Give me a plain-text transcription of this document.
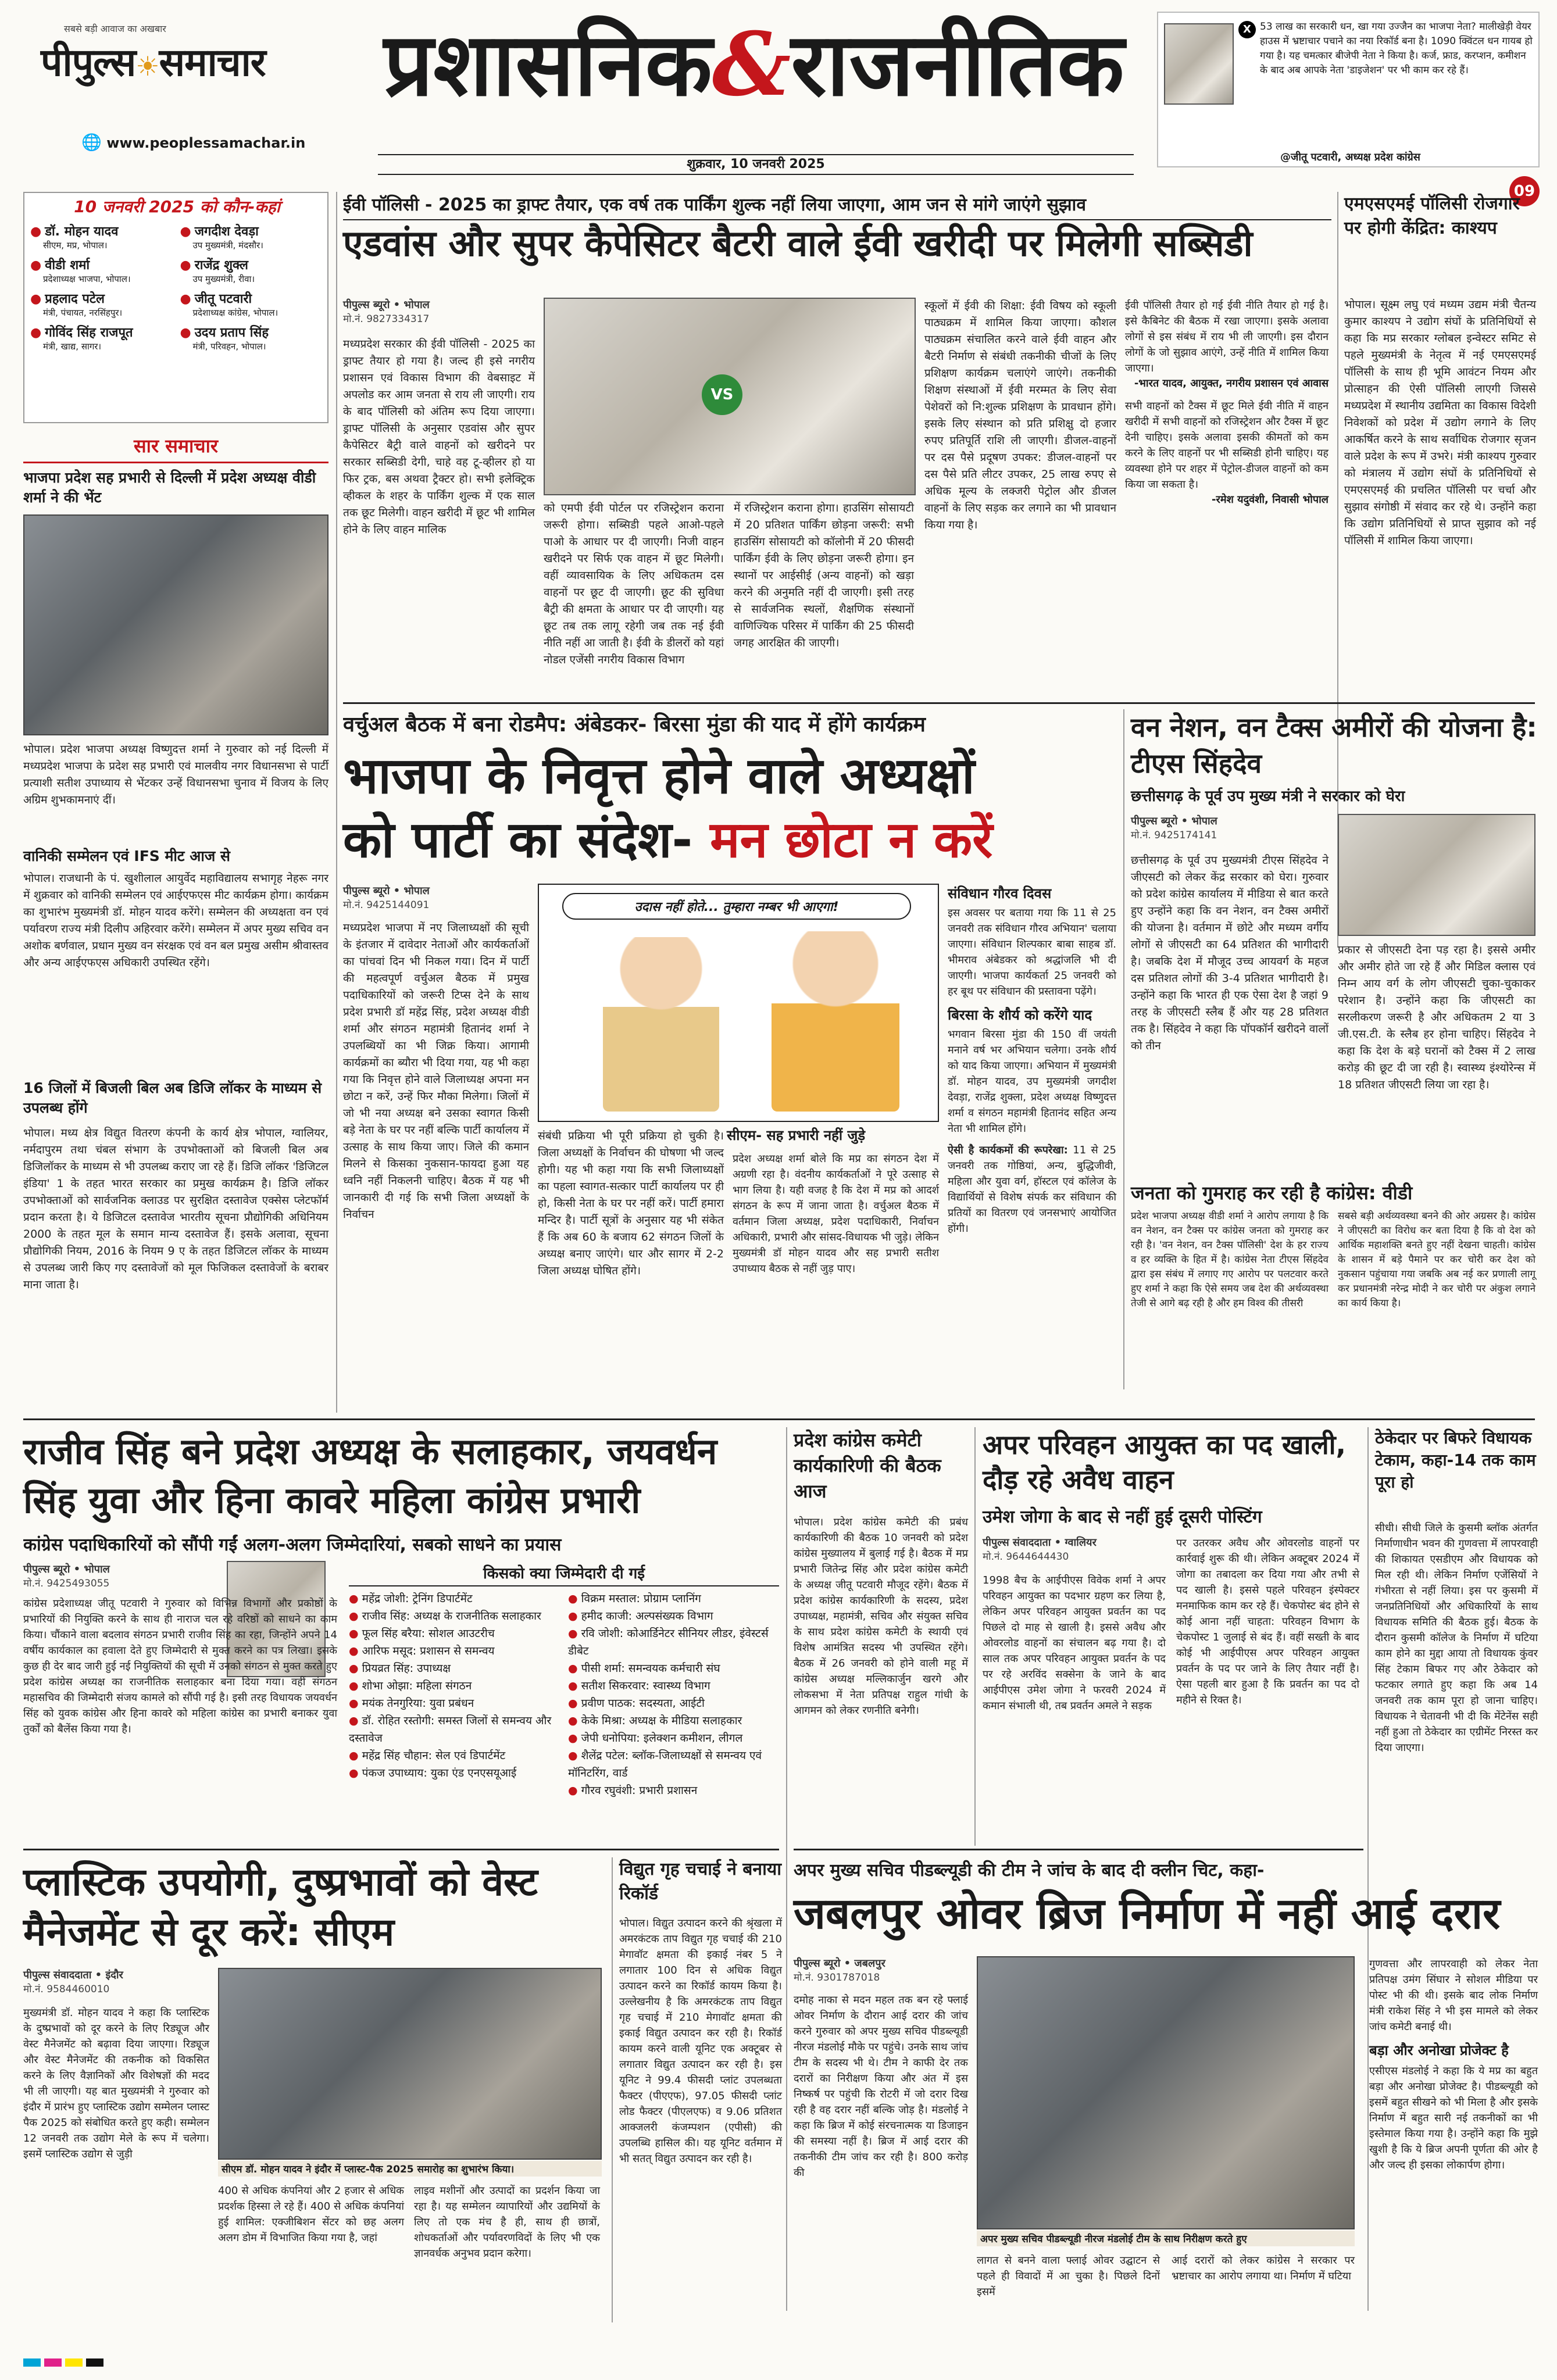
सबसे बड़ी आवाज का अखबार
पीपुल्स☀समाचार
🌐 www.peoplessamachar.in
प्रशासनिक&राजनीतिक
शुक्रवार, 10 जनवरी 2025
X 53 लाख का सरकारी धन, खा गया उज्जैन का भाजपा नेता? मालीखेड़ी वेयर हाउस में भ्रष्टाचार पचाने का नया रिकॉर्ड बना है। 1090 क्विंटल धन गायब हो गया है। यह चमत्कार बीजेपी नेता ने किया है। कर्ज, फ्राड, करप्शन, कमीशन के बाद अब आपके नेता 'डाइजेशन' पर भी काम कर रहे हैं।
@जीतू पटवारी, अध्यक्ष प्रदेश कांग्रेस
09
10 जनवरी 2025 को कौन-कहां
● डॉ. मोहन यादव
सीएम, मप्र, भोपाल।
● जगदीश देवड़ा
उप मुख्यमंत्री, मंदसौर।
● वीडी शर्मा
प्रदेशाध्यक्ष भाजपा, भोपाल।
● राजेंद्र शुक्ल
उप मुख्यमंत्री, रीवा।
● प्रहलाद पटेल
मंत्री, पंचायत, नरसिंहपुर।
● जीतू पटवारी
प्रदेशाध्यक्ष कांग्रेस, भोपाल।
● गोविंद सिंह राजपूत
मंत्री, खाद्य, सागर।
● उदय प्रताप सिंह
मंत्री, परिवहन, भोपाल।
सार समाचार
भाजपा प्रदेश सह प्रभारी से दिल्ली में प्रदेश अध्यक्ष वीडी शर्मा ने की भेंट
भोपाल। प्रदेश भाजपा अध्यक्ष विष्णुदत्त शर्मा ने गुरुवार को नई दिल्ली में मध्यप्रदेश भाजपा के प्रदेश सह प्रभारी एवं मालवीय नगर विधानसभा से पार्टी प्रत्याशी सतीश उपाध्याय से भेंटकर उन्हें विधानसभा चुनाव में विजय के लिए अग्रिम शुभकामनाएं दीं।
वानिकी सम्मेलन एवं IFS मीट आज से
भोपाल। राजधानी के पं. खुशीलाल आयुर्वेद महाविद्यालय सभागृह नेहरू नगर में शुक्रवार को वानिकी सम्मेलन एवं आईएफएस मीट कार्यक्रम होगा। कार्यक्रम का शुभारंभ मुख्यमंत्री डॉ. मोहन यादव करेंगे। सम्मेलन की अध्यक्षता वन एवं पर्यावरण राज्य मंत्री दिलीप अहिरवार करेंगे। सम्मेलन में अपर मुख्य सचिव वन अशोक बर्णवाल, प्रधान मुख्य वन संरक्षक एवं वन बल प्रमुख असीम श्रीवास्तव और अन्य आईएफएस अधिकारी उपस्थित रहेंगे।
16 जिलों में बिजली बिल अब डिजि लॉकर के माध्यम से उपलब्ध होंगे
भोपाल। मध्य क्षेत्र विद्युत वितरण कंपनी के कार्य क्षेत्र भोपाल, ग्वालियर, नर्मदापुरम तथा चंबल संभाग के उपभोक्ताओं को बिजली बिल अब डिजिलॉकर के माध्यम से भी उपलब्ध कराए जा रहे हैं। डिजि लॉकर 'डिजिटल इंडिया' 1 के तहत भारत सरकार का प्रमुख कार्यक्रम है। डिजि लॉकर उपभोक्ताओं को सार्वजनिक क्लाउड पर सुरक्षित दस्तावेज एक्सेस प्लेटफॉर्म प्रदान करता है। ये डिजिटल दस्तावेज भारतीय सूचना प्रौद्योगिकी अधिनियम 2000 के तहत मूल के समान मान्य दस्तावेज हैं। इसके अलावा, सूचना प्रौद्योगिकी नियम, 2016 के नियम 9 ए के तहत डिजिटल लॉकर के माध्यम से उपलब्ध जारी किए गए दस्तावेजों को मूल फिजिकल दस्तावेजों के बराबर माना जाता है।
ईवी पॉलिसी - 2025 का ड्राफ्ट तैयार, एक वर्ष तक पार्किंग शुल्क नहीं लिया जाएगा, आम जन से मांगे जाएंगे सुझाव
एडवांस और सुपर कैपेसिटर बैटरी वाले ईवी खरीदी पर मिलेगी सब्सिडी
पीपुल्स ब्यूरो • भोपाल
मो.नं. 9827334317
मध्यप्रदेश सरकार की ईवी पॉलिसी - 2025 का ड्राफ्ट तैयार हो गया है। जल्द ही इसे नगरीय प्रशासन एवं विकास विभाग की वेबसाइट में अपलोड कर आम जनता से राय ली जाएगी। राय के बाद पॉलिसी को अंतिम रूप दिया जाएगा। ड्राफ्ट पॉलिसी के अनुसार एडवांस और सुपर कैपेसिटर बैट्री वाले वाहनों को खरीदने पर सरकार सब्सिडी देगी, चाहे वह टू-व्हीलर हो या फिर ट्रक, बस अथवा ट्रैक्टर हो। सभी इलेक्ट्रिक व्हीकल के शहर के पार्किंग शुल्क में एक साल तक छूट मिलेगी। वाहन खरीदी में छूट भी शामिल होने के लिए वाहन मालिक
VS
को एमपी ईवी पोर्टल पर रजिस्ट्रेशन कराना जरूरी होगा। सब्सिडी पहले आओ-पहले पाओ के आधार पर दी जाएगी। निजी वाहन खरीदने पर सिर्फ एक वाहन में छूट मिलेगी। वहीं व्यावसायिक के लिए अधिकतम दस वाहनों पर छूट दी जाएगी। छूट की सुविधा बैट्री की क्षमता के आधार पर दी जाएगी। यह छूट तब तक लागू रहेगी जब तक नई ईवी नीति नहीं आ जाती है। ईवी के डीलरों को यहां नोडल एजेंसी नगरीय विकास विभाग
में रजिस्ट्रेशन कराना होगा। हाउसिंग सोसायटी में 20 प्रतिशत पार्किंग छोड़ना जरूरी: सभी हाउसिंग सोसायटी को कॉलोनी में 20 फीसदी पार्किंग ईवी के लिए छोड़ना जरूरी होगा। इन स्थानों पर आईसीई (अन्य वाहनों) को खड़ा करने की अनुमति नहीं दी जाएगी। इसी तरह से सार्वजनिक स्थलों, शैक्षणिक संस्थानों वाणिज्यिक परिसर में पार्किंग की 25 फीसदी जगह आरक्षित की जाएगी।
स्कूलों में ईवी की शिक्षा: ईवी विषय को स्कूली पाठ्यक्रम में शामिल किया जाएगा। कौशल पाठ्यक्रम संचालित करने वाले ईवी वाहन और बैटरी निर्माण से संबंधी तकनीकी चीजों के लिए प्रशिक्षण कार्यक्रम चलाएंगे जाएंगे। तकनीकी शिक्षण संस्थाओं में ईवी मरम्मत के लिए सेवा पेशेवरों को नि:शुल्क प्रशिक्षण के प्रावधान होंगे। इसके लिए संस्थान को प्रति प्रशिक्षु दो हजार रुपए प्रतिपूर्ति राशि ली जाएगी। डीजल-वाहनों पर दस पैसे प्रदूषण उपकर: डीजल-वाहनों पर दस पैसे प्रति लीटर उपकर, 25 लाख रुपए से अधिक मूल्य के लक्जरी पेट्रोल और डीजल वाहनों के लिए सड़क कर लगाने का भी प्रावधान किया गया है।
ईवी पॉलिसी तैयार हो गई ईवी नीति तैयार हो गई है। इसे कैबिनेट की बैठक में रखा जाएगा। इसके अलावा लोगों से इस संबंध में राय भी ली जाएगी। इस दौरान लोगों के जो सुझाव आएंगे, उन्हें नीति में शामिल किया जाएगा।
-भारत यादव, आयुक्त, नगरीय प्रशासन एवं आवास
सभी वाहनों को टैक्स में छूट मिले ईवी नीति में वाहन खरीदी में सभी वाहनों को रजिस्ट्रेशन और टैक्स में छूट देनी चाहिए। इसके अलावा इसकी कीमतों को कम करने के लिए वाहनों पर भी सब्सिडी होनी चाहिए। यह व्यवस्था होने पर शहर में पेट्रोल-डीजल वाहनों को कम किया जा सकता है।
-रमेश यदुवंशी, निवासी भोपाल
एमएसएमई पॉलिसी रोजगार पर होगी केंद्रित: काश्यप
भोपाल। सूक्ष्म लघु एवं मध्यम उद्यम मंत्री चैतन्य कुमार काश्यप ने उद्योग संघों के प्रतिनिधियों से कहा कि मप्र सरकार ग्लोबल इन्वेस्टर समिट से पहले मुख्यमंत्री के नेतृत्व में नई एमएसएमई पॉलिसी के साथ ही भूमि आवंटन नियम और प्रोत्साहन की ऐसी पॉलिसी लाएगी जिससे मध्यप्रदेश में स्थानीय उद्यमिता का विकास विदेशी निवेशकों को प्रदेश में उद्योग लगाने के लिए आकर्षित करने के साथ सर्वाधिक रोजगार सृजन वाले प्रदेश के रूप में उभरे। मंत्री काश्यप गुरुवार को मंत्रालय में उद्योग संघों के प्रतिनिधियों से एमएसएमई की प्रचलित पॉलिसी पर चर्चा और सुझाव संगोष्ठी में संवाद कर रहे थे। उन्होंने कहा कि उद्योग प्रतिनिधियों से प्राप्त सुझाव को नई पॉलिसी में शामिल किया जाएगा।
वर्चुअल बैठक में बना रोडमैप: अंबेडकर- बिरसा मुंडा की याद में होंगे कार्यक्रम
भाजपा के निवृत्त होने वाले अध्यक्षों
को पार्टी का संदेश- मन छोटा न करें
पीपुल्स ब्यूरो • भोपाल
मो.नं. 9425144091
मध्यप्रदेश भाजपा में नए जिलाध्यक्षों की सूची के इंतजार में दावेदार नेताओं और कार्यकर्ताओं का पांचवां दिन भी निकल गया। दिन में पार्टी की महत्वपूर्ण वर्चुअल बैठक में प्रमुख पदाधिकारियों को जरूरी टिप्स देने के साथ प्रदेश प्रभारी डॉ महेंद्र सिंह, प्रदेश अध्यक्ष वीडी शर्मा और संगठन महामंत्री हितानंद शर्मा ने उपलब्धियों का भी जिक्र किया। आगामी कार्यक्रमों का ब्यौरा भी दिया गया, यह भी कहा गया कि निवृत्त होने वाले जिलाध्यक्ष अपना मन छोटा न करें, उन्हें फिर मौका मिलेगा। जिलों में जो भी नया अध्यक्ष बने उसका स्वागत किसी बड़े नेता के घर पर नहीं बल्कि पार्टी कार्यालय में उत्साह के साथ किया जाए। जिले की कमान मिलने से किसका नुकसान-फायदा हुआ यह ध्वनि नहीं निकलनी चाहिए। बैठक में यह भी जानकारी दी गई कि सभी जिला अध्यक्षों के निर्वाचन
उदास नहीं होते... तुम्हारा नम्बर भी आएगा!
सीएम- सह प्रभारी नहीं जुड़े
संबंधी प्रक्रिया भी पूरी प्रक्रिया हो चुकी है। जिला अध्यक्षों के निर्वाचन की घोषणा भी जल्द होगी। यह भी कहा गया कि सभी जिलाध्यक्षों का पहला स्वागत-सत्कार पार्टी कार्यालय पर ही हो, किसी नेता के घर पर नहीं करें। पार्टी हमारा मन्दिर है। पार्टी सूत्रों के अनुसार यह भी संकेत हैं कि अब 60 के बजाय 62 संगठन जिलों के अध्यक्ष बनाए जाएंगे। धार और सागर में 2-2 जिला अध्यक्ष घोषित होंगे।
प्रदेश अध्यक्ष शर्मा बोले कि मप्र का संगठन देश में अग्रणी रहा है। वंदनीय कार्यकर्ताओं ने पूरे उत्साह से भाग लिया है। यही वजह है कि देश में मप्र को आदर्श संगठन के रूप में जाना जाता है। वर्चुअल बैठक में वर्तमान जिला अध्यक्ष, प्रदेश पदाधिकारी, निर्वाचन अधिकारी, प्रभारी और सांसद-विधायक भी जुड़े। लेकिन मुख्यमंत्री डॉ मोहन यादव और सह प्रभारी सतीश उपाध्याय बैठक से नहीं जुड़ पाए।
संविधान गौरव दिवस
इस अवसर पर बताया गया कि 11 से 25 जनवरी तक संविधान गौरव अभियान' चलाया जाएगा। संविधान शिल्पकार बाबा साहब डॉ. भीमराव अंबेडकर को श्रद्धांजलि भी दी जाएगी। भाजपा कार्यकर्ता 25 जनवरी को हर बूथ पर संविधान की प्रस्तावना पढ़ेंगे।
बिरसा के शौर्य को करेंगे याद
भगवान बिरसा मुंडा की 150 वीं जयंती मनाने वर्ष भर अभियान चलेगा। उनके शौर्य को याद किया जाएगा। अभियान में मुख्यमंत्री डॉ. मोहन यादव, उप मुख्यमंत्री जगदीश देवड़ा, राजेंद्र शुक्ला, प्रदेश अध्यक्ष विष्णुदत्त शर्मा व संगठन महामंत्री हितानंद सहित अन्य नेता भी शामिल होंगे।
ऐसी है कार्यकमों की रूपरेखा: 11 से 25 जनवरी तक गोष्ठियां, अन्य, बुद्धिजीवी, महिला और युवा वर्ग, हॉस्टल एवं कॉलेज के विद्यार्थियों से विशेष संपर्क कर संविधान की प्रतियों का वितरण एवं जनसभाएं आयोजित होंगी।
वन नेशन, वन टैक्स अमीरों की योजना है: टीएस सिंहदेव
छत्तीसगढ़ के पूर्व उप मुख्य मंत्री ने सरकार को घेरा
पीपुल्स ब्यूरो • भोपाल
मो.नं. 9425174141
छत्तीसगढ़ के पूर्व उप मुख्यमंत्री टीएस सिंहदेव ने जीएसटी को लेकर केंद्र सरकार को घेरा। गुरुवार को प्रदेश कांग्रेस कार्यालय में मीडिया से बात करते हुए उन्होंने कहा कि वन नेशन, वन टैक्स अमीरों की योजना है। वर्तमान में छोटे और मध्यम वर्गीय लोगों से जीएसटी का 64 प्रतिशत की भागीदारी है। जबकि देश में मौजूद उच्च आयवर्ग के महज दस प्रतिशत लोगों की 3-4 प्रतिशत भागीदारी है। उन्होंने कहा कि भारत ही एक ऐसा देश है जहां 9 तरह के जीएसटी स्लैब हैं और यह 28 प्रतिशत तक है। सिंहदेव ने कहा कि पॉपकॉर्न खरीदने वालों को तीन
प्रकार से जीएसटी देना पड़ रहा है। इससे अमीर और अमीर होते जा रहे हैं और मिडिल क्लास एवं निम्न आय वर्ग के लोग जीएसटी चुका-चुकाकर परेशान है। उन्होंने कहा कि जीएसटी का सरलीकरण जरूरी है और अधिकतम 2 या 3 जी.एस.टी. के स्लैब हर होना चाहिए। सिंहदेव ने कहा कि देश के बड़े घरानों को टैक्स में 2 लाख करोड़ की छूट दी जा रही है। स्वास्थ्य इंश्योरेन्स में 18 प्रतिशत जीएसटी लिया जा रहा है।
जनता को गुमराह कर रही है कांग्रेस: वीडी
प्रदेश भाजपा अध्यक्ष वीडी शर्मा ने आरोप लगाया है कि वन नेशन, वन टैक्स पर कांग्रेस जनता को गुमराह कर रही है। 'वन नेशन, वन टैक्स पॉलिसी' देश के हर राज्य व हर व्यक्ति के हित में है। कांग्रेस नेता टीएस सिंहदेव द्वारा इस संबंध में लगाए गए आरोप पर पलटवार करते हुए शर्मा ने कहा कि ऐसे समय जब देश की अर्थव्यवस्था तेजी से आगे बढ़ रही है और हम विश्व की तीसरी
सबसे बड़ी अर्थव्यवस्था बनने की ओर अग्रसर है। कांग्रेस ने जीएसटी का विरोध कर बता दिया है कि वो देश को आर्थिक महाशक्ति बनते हुए नहीं देखना चाहती। कांग्रेस के शासन में बड़े पैमाने पर कर चोरी कर देश को नुकसान पहुंचाया गया जबकि अब नई कर प्रणाली लागू कर प्रधानमंत्री नरेन्द्र मोदी ने कर चोरी पर अंकुश लगाने का कार्य किया है।
राजीव सिंह बने प्रदेश अध्यक्ष के सलाहकार, जयवर्धन सिंह युवा और हिना कावरे महिला कांग्रेस प्रभारी
कांग्रेस पदाधिकारियों को सौंपी गईं अलग-अलग जिम्मेदारियां, सबको साधने का प्रयास
पीपुल्स ब्यूरो • भोपाल
मो.नं. 9425493055
कांग्रेस प्रदेशाध्यक्ष जीतू पटवारी ने गुरुवार को विभिन्न विभागों और प्रकोष्ठों के प्रभारियों की नियुक्ति करने के साथ ही नाराज चल रहे वरिष्ठों को साधने का काम किया। चौंकाने वाला बदलाव संगठन प्रभारी राजीव सिंह का रहा, जिन्होंने अपने 14 वर्षीय कार्यकाल का हवाला देते हुए जिम्मेदारी से मुक्त करने का पत्र लिखा। इसके कुछ ही देर बाद जारी हुई नई नियुक्तियों की सूची में उनको संगठन से मुक्त करते हुए प्रदेश कांग्रेस अध्यक्ष का राजनीतिक सलाहकार बना दिया गया। वहीं संगठन महासचिव की जिम्मेदारी संजय कामले को सौंपी गई है। इसी तरह विधायक जयवर्धन सिंह को युवक कांग्रेस और हिना कावरे को महिला कांग्रेस का प्रभारी बनाकर युवा तुर्कों को बैलेंस किया गया है।
किसको क्या जिम्मेदारी दी गई
● महेंद्र जोशी: ट्रेनिंग डिपार्टमेंट
● राजीव सिंह: अध्यक्ष के राजनीतिक सलाहकार
● फूल सिंह बरैया: सोशल आउटरीच
● आरिफ मसूद: प्रशासन से समन्वय
● प्रियव्रत सिंह: उपाध्यक्ष
● शोभा ओझा: महिला संगठन
● मयंक तेनगुरिया: युवा प्रबंधन
● डॉ. रोहित रस्तोगी: समस्त जिलों से समन्वय और दस्तावेज
● महेंद्र सिंह चौहान: सेल एवं डिपार्टमेंट
● पंकज उपाध्याय: युका एंड एनएसयूआई
● विक्रम मस्ताल: प्रोग्राम प्लानिंग
● हमीद काजी: अल्पसंख्यक विभाग
● रवि जोशी: कोआर्डिनेटर सीनियर लीडर, इंवेस्टर्स डीबेट
● पीसी शर्मा: समन्वयक कर्मचारी संघ
● सतीश सिकरवार: स्वास्थ्य विभाग
● प्रवीण पाठक: सदस्यता, आईटी
● केके मिश्रा: अध्यक्ष के मीडिया सलाहकार
● जेपी धनोपिया: इलेक्शन कमीशन, लीगल
● शैलेंद्र पटेल: ब्लॉक-जिलाध्यक्षों से समन्वय एवं मॉनिटरिंग, वार्ड
● गौरव रघुवंशी: प्रभारी प्रशासन
प्रदेश कांग्रेस कमेटी कार्यकारिणी की बैठक आज
भोपाल। प्रदेश कांग्रेस कमेटी की प्रबंध कार्यकारिणी की बैठक 10 जनवरी को प्रदेश कांग्रेस मुख्यालय में बुलाई गई है। बैठक में मप्र प्रभारी जितेन्द्र सिंह और प्रदेश कांग्रेस कमेटी के अध्यक्ष जीतू पटवारी मौजूद रहेंगे। बैठक में प्रदेश कांग्रेस कार्यकारिणी के सदस्य, प्रदेश उपाध्यक्ष, महामंत्री, सचिव और संयुक्त सचिव के साथ प्रदेश कांग्रेस कमेटी के स्थायी एवं विशेष आमंत्रित सदस्य भी उपस्थित रहेंगे। बैठक में 26 जनवरी को होने वाली महू में कांग्रेस अध्यक्ष मल्लिकार्जुन खरगे और लोकसभा में नेता प्रतिपक्ष राहुल गांधी के आगमन को लेकर रणनीति बनेगी।
अपर परिवहन आयुक्त का पद खाली, दौड़ रहे अवैध वाहन
उमेश जोगा के बाद से नहीं हुई दूसरी पोस्टिंग
पीपुल्स संवाददाता • ग्वालियर
मो.नं. 9644644430
1998 बैच के आईपीएस विवेक शर्मा ने अपर परिवहन आयुक्त का पदभार ग्रहण कर लिया है, लेकिन अपर परिवहन आयुक्त प्रवर्तन का पद पिछले दो माह से खाली है। इससे अवैध और ओवरलोड वाहनों का संचालन बढ़ गया है। दो साल तक अपर परिवहन आयुक्त प्रवर्तन के पद पर रहे अरविंद सक्सेना के जाने के बाद आईपीएस उमेश जोगा ने फरवरी 2024 में कमान संभाली थी, तब प्रवर्तन अमले ने सड़क
पर उतरकर अवैध और ओवरलोड वाहनों पर कार्रवाई शुरू की थी। लेकिन अक्टूबर 2024 में जोगा का तबादला कर दिया गया और तभी से पद खाली है। इससे पहले परिवहन इंस्पेक्टर मनमाफिक काम कर रहे हैं। चेकपोस्ट बंद होने से कोई आना नहीं चाहता: परिवहन विभाग के चेकपोस्ट 1 जुलाई से बंद हैं। वहीं सख्ती के बाद कोई भी आईपीएस अपर परिवहन आयुक्त प्रवर्तन के पद पर जाने के लिए तैयार नहीं है। ऐसा पहली बार हुआ है कि प्रवर्तन का पद दो महीने से रिक्त है।
ठेकेदार पर बिफरे विधायक टेकाम, कहा-14 तक काम पूरा हो
सीधी। सीधी जिले के कुसमी ब्लॉक अंतर्गत निर्माणाधीन भवन की गुणवत्ता में लापरवाही की शिकायत एसडीएम और विधायक को मिल रही थी। लेकिन निर्माण एजेंसियों ने गंभीरता से नहीं लिया। इस पर कुसमी में जनप्रतिनिधियों और अधिकारियों के साथ विधायक समिति की बैठक हुई। बैठक के दौरान कुसमी कॉलेज के निर्माण में घटिया काम होने का मुद्दा आया तो विधायक कुंवर सिंह टेकाम बिफर गए और ठेकेदार को फटकार लगाते हुए कहा कि अब 14 जनवरी तक काम पूरा हो जाना चाहिए। विधायक ने चेतावनी भी दी कि मेंटेनेंस सही नहीं हुआ तो ठेकेदार का एग्रीमेंट निरस्त कर दिया जाएगा।
प्लास्टिक उपयोगी, दुष्प्रभावों को वेस्ट मैनेजमेंट से दूर करें: सीएम
पीपुल्स संवाददाता • इंदौर
मो.नं. 9584460010
मुख्यमंत्री डॉ. मोहन यादव ने कहा कि प्लास्टिक के दुष्प्रभावों को दूर करने के लिए रिड्यूज और वेस्ट मैनेजमेंट को बढ़ावा दिया जाएगा। रिड्यूज और वेस्ट मैनेजमेंट की तकनीक को विकसित करने के लिए वैज्ञानिकों और विशेषज्ञों की मदद भी ली जाएगी। यह बात मुख्यमंत्री ने गुरुवार को इंदौर में प्रारंभ हुए प्लास्टिक उद्योग सम्मेलन प्लास्ट पैक 2025 को संबोधित करते हुए कही। सम्मेलन 12 जनवरी तक उद्योग मेले के रूप में चलेगा। इसमें प्लास्टिक उद्योग से जुड़ी
सीएम डॉ. मोहन यादव ने इंदौर में प्लास्ट-पैक 2025 समारोह का शुभारंभ किया।
400 से अधिक कंपनियां और 2 हजार से अधिक प्रदर्शक हिस्सा ले रहे हैं। 400 से अधिक कंपनियां हुई शामिल: एक्जीबिशन सेंटर को छह अलग अलग डोम में विभाजित किया गया है, जहां
लाइव मशीनों और उत्पादों का प्रदर्शन किया जा रहा है। यह सम्मेलन व्यापारियों और उद्यमियों के लिए तो एक मंच है ही, साथ ही छात्रों, शोधकर्ताओं और पर्यावरणविदों के लिए भी एक ज्ञानवर्धक अनुभव प्रदान करेगा।
विद्युत गृह चचाई ने बनाया रिकॉर्ड
भोपाल। विद्युत उत्पादन करने की श्रृंखला में अमरकंटक ताप विद्युत गृह चचाई की 210 मेगावॉट क्षमता की इकाई नंबर 5 ने लगातार 100 दिन से अधिक विद्युत उत्पादन करने का रिकॉर्ड कायम किया है। उल्लेखनीय है कि अमरकंटक ताप विद्युत गृह चचाई में 210 मेगावॉट क्षमता की इकाई विद्युत उत्पादन कर रही है। रिकॉर्ड कायम करने वाली यूनिट एक अक्टूबर से लगातार विद्युत उत्पादन कर रही है। इस यूनिट ने 99.4 फीसदी प्लांट उपलब्धता फैक्टर (पीएएफ), 97.05 फीसदी प्लांट लोड फैक्टर (पीएलएफ) व 9.06 प्रतिशत आक्जलरी कंजम्पशन (एपीसी) की उपलब्धि हासिल की। यह यूनिट वर्तमान में भी सतत् विद्युत उत्पादन कर रही है।
अपर मुख्य सचिव पीडब्ल्यूडी की टीम ने जांच के बाद दी क्लीन चिट, कहा-
जबलपुर ओवर ब्रिज निर्माण में नहीं आई दरार
पीपुल्स ब्यूरो • जबलपुर
मो.नं. 9301787018
दमोह नाका से मदन महल तक बन रहे फ्लाई ओवर निर्माण के दौरान आई दरार की जांच करने गुरुवार को अपर मुख्य सचिव पीडब्ल्यूडी नीरज मंडलोई मौके पर पहुंचे। उनके साथ जांच टीम के सदस्य भी थे। टीम ने काफी देर तक दरारों का निरीक्षण किया और अंत में इस निष्कर्ष पर पहुंची कि रोटरी में जो दरार दिख रही है वह दरार नहीं बल्कि जोड़ है। मंडलोई ने कहा कि ब्रिज में कोई संरचनात्मक या डिजाइन की समस्या नहीं है। ब्रिज में आई दरार की तकनीकी टीम जांच कर रही है। 800 करोड़ की
अपर मुख्य सचिव पीडब्ल्यूडी नीरज मंडलोई टीम के साथ निरीक्षण करते हुए
लागत से बनने वाला फ्लाई ओवर उद्घाटन से पहले ही विवादों में आ चुका है। पिछले दिनों इसमें
आई दरारों को लेकर कांग्रेस ने सरकार पर भ्रष्टाचार का आरोप लगाया था। निर्माण में घटिया
गुणवत्ता और लापरवाही को लेकर नेता प्रतिपक्ष उमंग सिंघार ने सोशल मीडिया पर पोस्ट भी की थी। इसके बाद लोक निर्माण मंत्री राकेश सिंह ने भी इस मामले को लेकर जांच कमेटी बनाई थी।
बड़ा और अनोखा प्रोजेक्ट है
एसीएस मंडलोई ने कहा कि ये मप्र का बहुत बड़ा और अनोखा प्रोजेक्ट है। पीडब्ल्यूडी को इसमें बहुत सीखने को भी मिला है और इसके निर्माण में बहुत सारी नई तकनीकों का भी इस्तेमाल किया गया है। उन्होंने कहा कि मुझे खुशी है कि ये ब्रिज अपनी पूर्णता की ओर है और जल्द ही इसका लोकार्पण होगा।
